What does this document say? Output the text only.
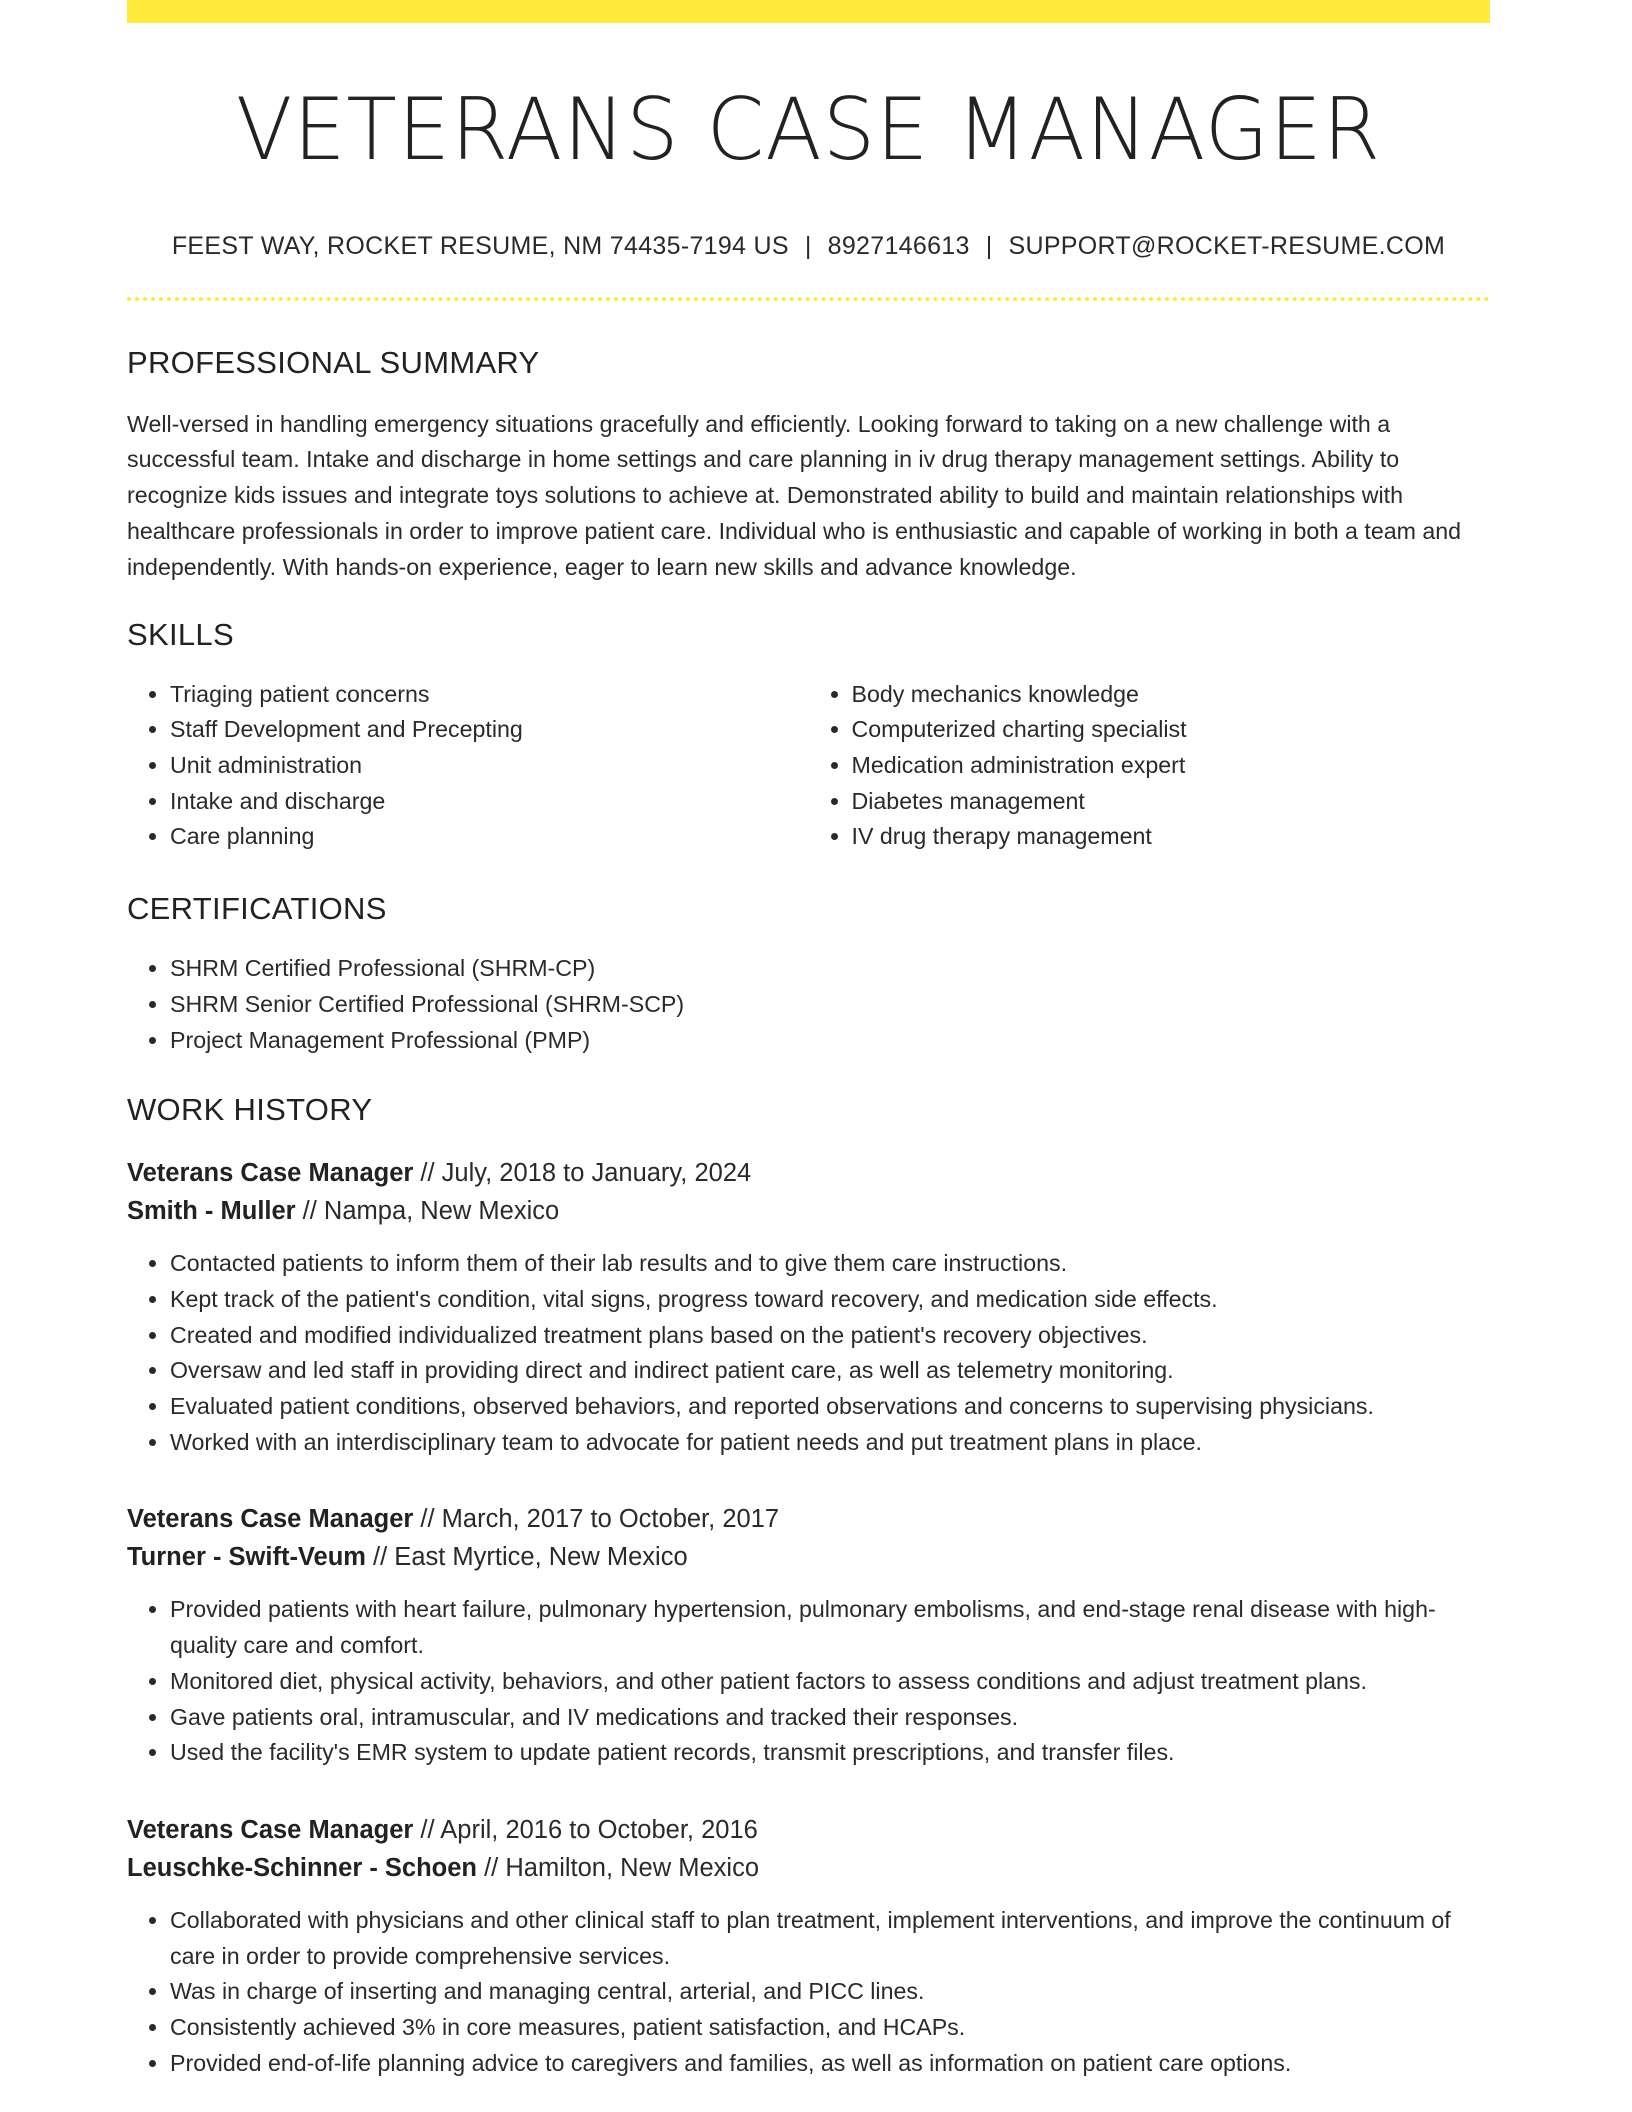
VETERANS CASE MANAGER
FEEST WAY, ROCKET RESUME, NM 74435-7194 US | 8927146613 | SUPPORT@ROCKET-RESUME.COM
PROFESSIONAL SUMMARY

Well-versed in handling emergency situations gracefully and efficiently. Looking forward to taking on a new challenge with a successful team. Intake and discharge in home settings and care planning in iv drug therapy management settings. Ability to recognize kids issues and integrate toys solutions to achieve at. Demonstrated ability to build and maintain relationships with healthcare professionals in order to improve patient care. Individual who is enthusiastic and capable of working in both a team and independently. With hands-on experience, eager to learn new skills and advance knowledge.

SKILLS
• Triaging patient concerns
• Staff Development and Precepting
• Unit administration
• Intake and discharge
• Care planning
• Body mechanics knowledge
• Computerized charting specialist
• Medication administration expert
• Diabetes management
• IV drug therapy management
CERTIFICATIONS
• SHRM Certified Professional (SHRM-CP)
• SHRM Senior Certified Professional (SHRM-SCP)
• Project Management Professional (PMP)
WORK HISTORY
Veterans Case Manager // July, 2018 to January, 2024
Smith - Muller // Nampa, New Mexico
• Contacted patients to inform them of their lab results and to give them care instructions.
• Kept track of the patient's condition, vital signs, progress toward recovery, and medication side effects.
• Created and modified individualized treatment plans based on the patient's recovery objectives.
• Oversaw and led staff in providing direct and indirect patient care, as well as telemetry monitoring.
• Evaluated patient conditions, observed behaviors, and reported observations and concerns to supervising physicians.
• Worked with an interdisciplinary team to advocate for patient needs and put treatment plans in place.
Veterans Case Manager // March, 2017 to October, 2017
Turner - Swift-Veum // East Myrtice, New Mexico
• Provided patients with heart failure, pulmonary hypertension, pulmonary embolisms, and end-stage renal disease with high-quality care and comfort.
• Monitored diet, physical activity, behaviors, and other patient factors to assess conditions and adjust treatment plans.
• Gave patients oral, intramuscular, and IV medications and tracked their responses.
• Used the facility's EMR system to update patient records, transmit prescriptions, and transfer files.
Veterans Case Manager // April, 2016 to October, 2016
Leuschke-Schinner - Schoen // Hamilton, New Mexico
• Collaborated with physicians and other clinical staff to plan treatment, implement interventions, and improve the continuum of care in order to provide comprehensive services.
• Was in charge of inserting and managing central, arterial, and PICC lines.
• Consistently achieved 3% in core measures, patient satisfaction, and HCAPs.
• Provided end-of-life planning advice to caregivers and families, as well as information on patient care options.
